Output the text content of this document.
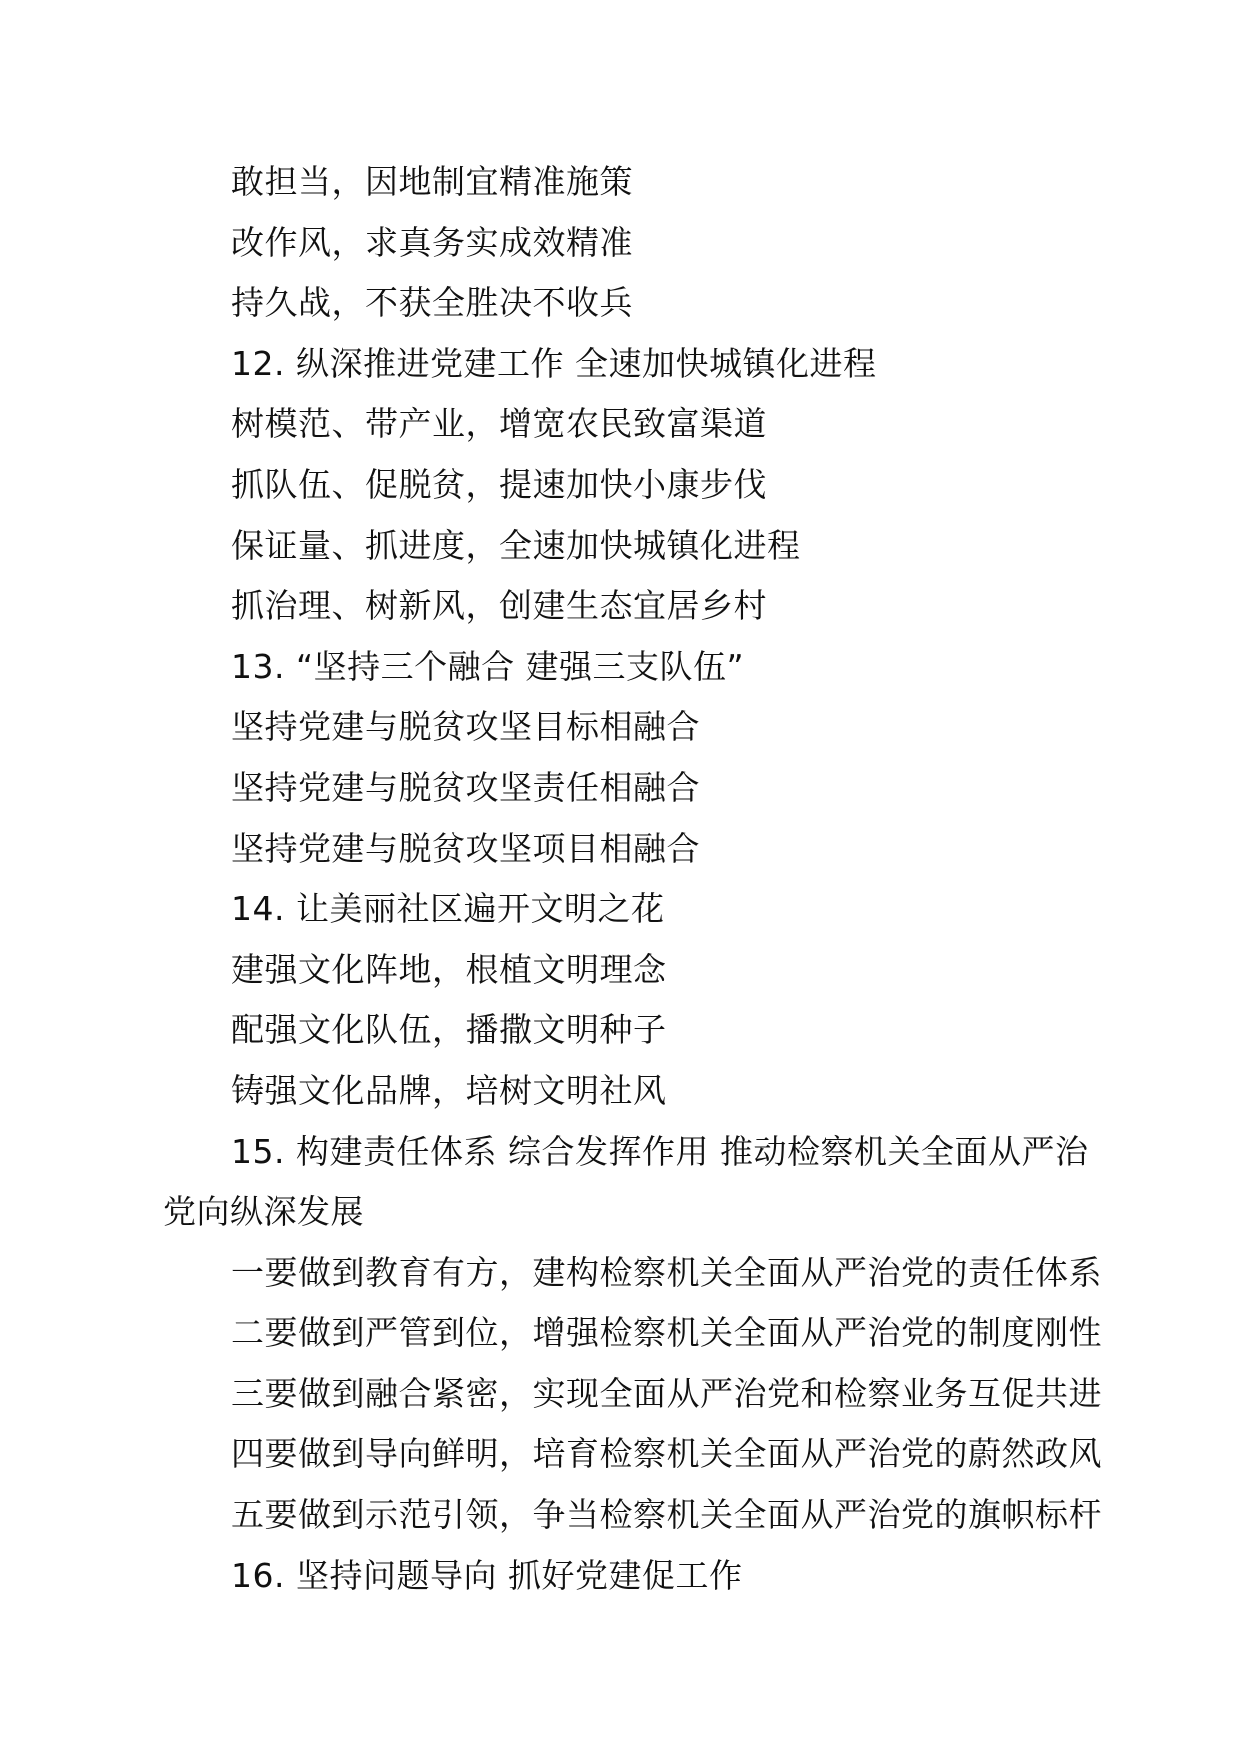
敢担当，因地制宜精准施策
改作风，求真务实成效精准
持久战，不获全胜决不收兵
12. 纵深推进党建工作 全速加快城镇化进程
树模范、带产业，增宽农民致富渠道
抓队伍、促脱贫，提速加快小康步伐
保证量、抓进度，全速加快城镇化进程
抓治理、树新风，创建生态宜居乡村
13. “坚持三个融合 建强三支队伍”
坚持党建与脱贫攻坚目标相融合
坚持党建与脱贫攻坚责任相融合
坚持党建与脱贫攻坚项目相融合
14. 让美丽社区遍开文明之花
建强文化阵地，根植文明理念
配强文化队伍，播撒文明种子
铸强文化品牌，培树文明社风
15. 构建责任体系 综合发挥作用 推动检察机关全面从严治
党向纵深发展
一要做到教育有方，建构检察机关全面从严治党的责任体系
二要做到严管到位，增强检察机关全面从严治党的制度刚性
三要做到融合紧密，实现全面从严治党和检察业务互促共进
四要做到导向鲜明，培育检察机关全面从严治党的蔚然政风
五要做到示范引领，争当检察机关全面从严治党的旗帜标杆
16. 坚持问题导向 抓好党建促工作
